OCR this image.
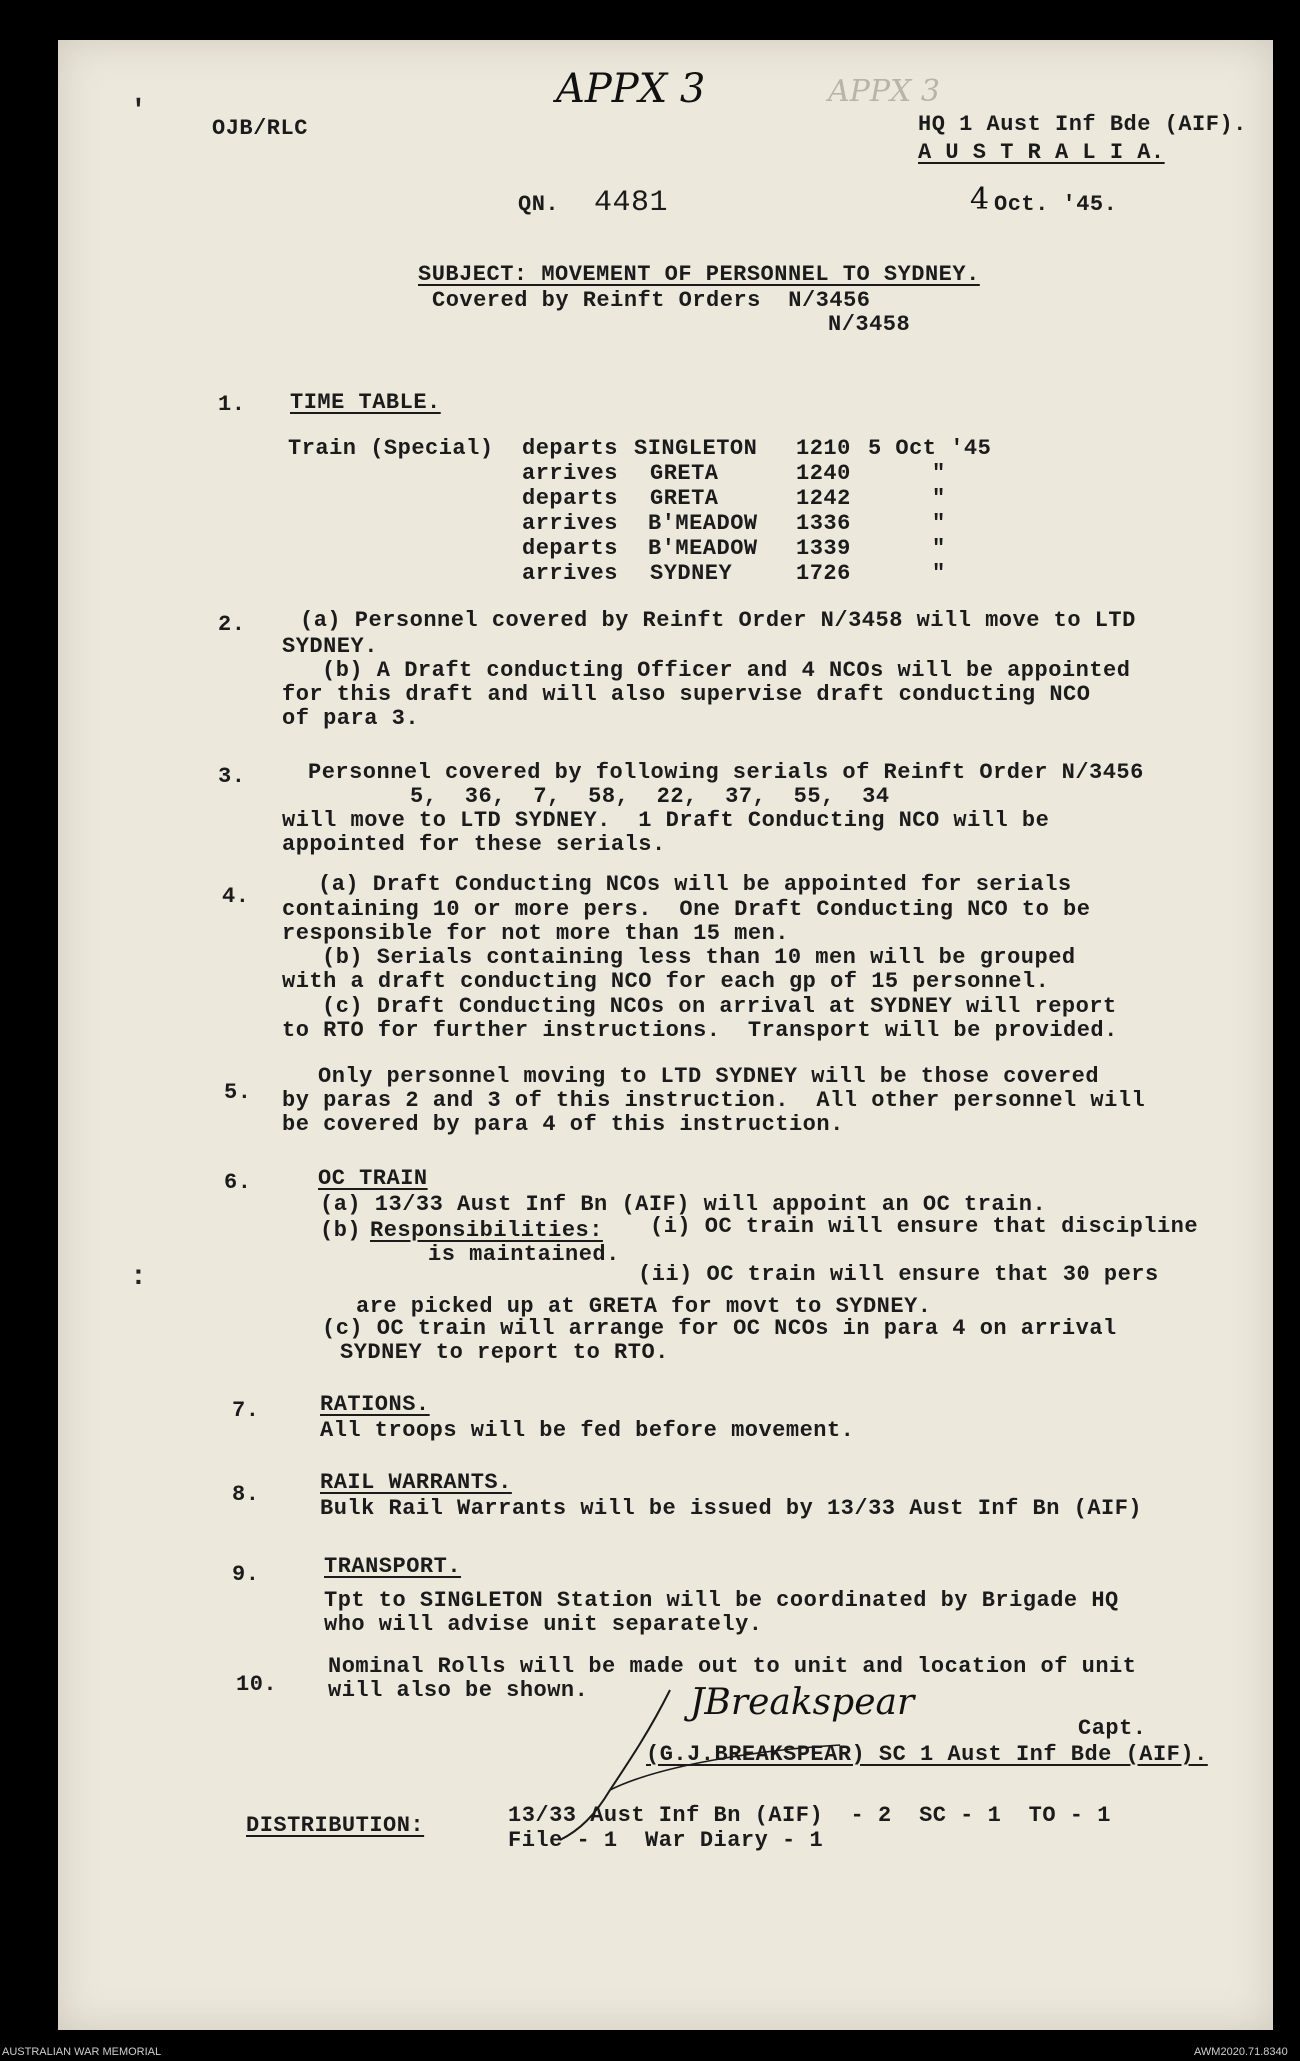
'
:
APPX 3	APPX 3
OJB/RLC	HQ 1 Aust Inf Bde (AIF).
A U S T R A L I A.
QN. 4481	4 Oct. '45.
SUBJECT: MOVEMENT OF PERSONNEL TO SYDNEY.
Covered by Reinft Orders  N/3456
N/3458
1. TIME TABLE.
Train (Special) departs SINGLETON 1210 5 Oct '45
arrives GRETA	1240	"
departs GRETA	1242	"
arrives B'MEADOW 1336	"
departs B'MEADOW 1339	"
arrives SYDNEY	1726	"
2. (a) Personnel covered by Reinft Order N/3458 will move to LTD
SYDNEY.
(b) A Draft conducting Officer and 4 NCOs will be appointed
for this draft and will also supervise draft conducting NCO
of para 3.
3.	Personnel covered by following serials of Reinft Order N/3456
5,  36,  7,  58,  22,  37,  55,  34
will move to LTD SYDNEY.  1 Draft Conducting NCO will be
appointed for these serials.
4.	(a) Draft Conducting NCOs will be appointed for serials
containing 10 or more pers.  One Draft Conducting NCO to be
responsible for not more than 15 men.
(b) Serials containing less than 10 men will be grouped
with a draft conducting NCO for each gp of 15 personnel.
(c) Draft Conducting NCOs on arrival at SYDNEY will report
to RTO for further instructions.  Transport will be provided.
5.
Only personnel moving to LTD SYDNEY will be those covered
by paras 2 and 3 of this instruction.  All other personnel will
be covered by para 4 of this instruction.
6.	OC TRAIN
(a) 13/33 Aust Inf Bn (AIF) will appoint an OC train.
(b) Responsibilities: (i) OC train will ensure that discipline
is maintained.
(ii) OC train will ensure that 30 pers
are picked up at GRETA for movt to SYDNEY.
(c) OC train will arrange for OC NCOs in para 4 on arrival
SYDNEY to report to RTO.
7.	RATIONS.
All troops will be fed before movement.
8.	RAIL WARRANTS.
Bulk Rail Warrants will be issued by 13/33 Aust Inf Bn (AIF)
9.	TRANSPORT.
Tpt to SINGLETON Station will be coordinated by Brigade HQ
who will advise unit separately.
10.
Nominal Rolls will be made out to unit and location of unit
will also be shown.	JBreakspear
Capt.
(G.J.BREAKSPEAR) SC 1 Aust Inf Bde (AIF).
DISTRIBUTION:	13/33 Aust Inf Bn (AIF)  - 2  SC - 1  TO - 1
File - 1  War Diary - 1
AUSTRALIAN WAR MEMORIAL	AWM2020.71.8340
